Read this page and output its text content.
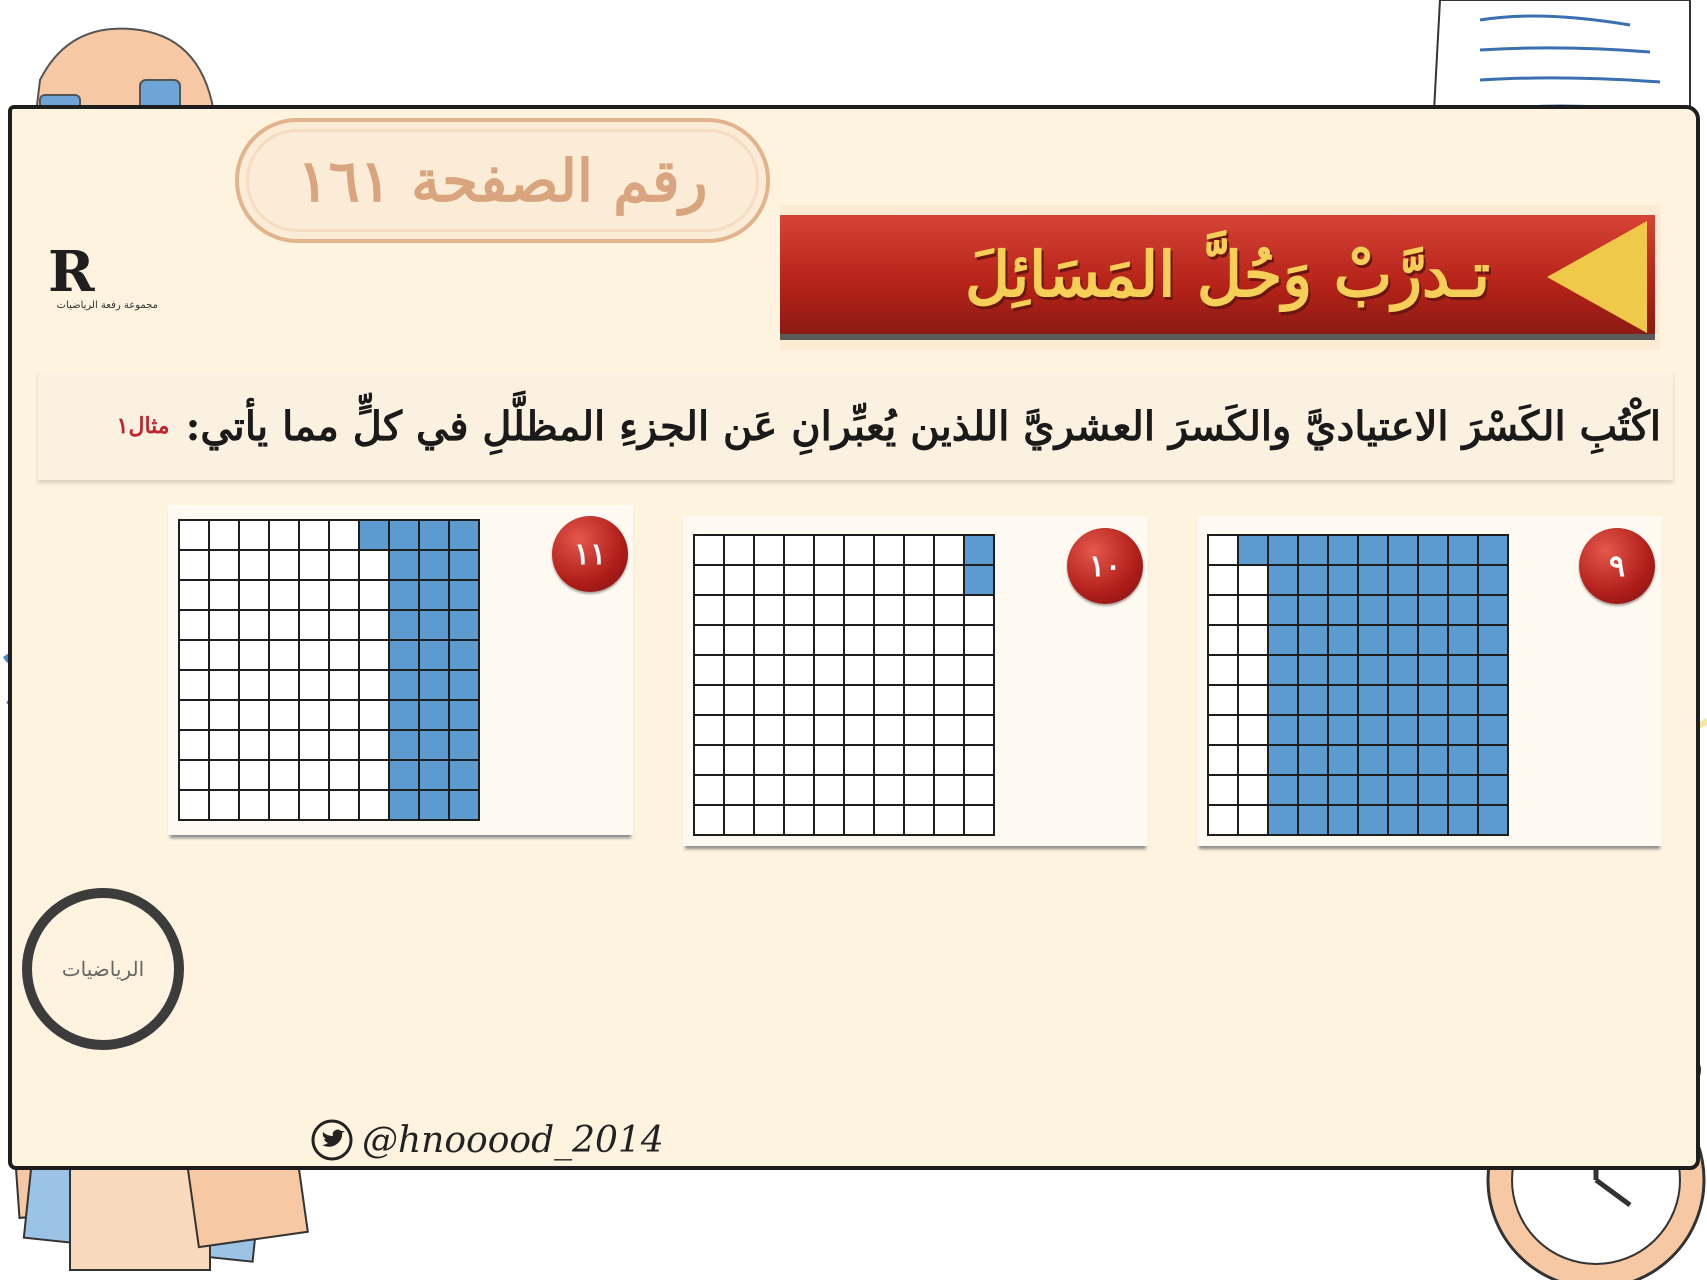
R
مجموعة رفعة الرياضيات
رقم الصفحة ١٦١
تـدرَّبْ وَحُلَّ المَسَائِلَ
اكْتُبِ الكَسْرَ الاعتياديَّ والكَسرَ العشريَّ اللذين يُعبِّرانِ عَن الجزءِ المظلَّلِ في كلٍّ مما يأتي:
مثال١
٩
١٠
١١
الرياضيات
@hnooood_2014
